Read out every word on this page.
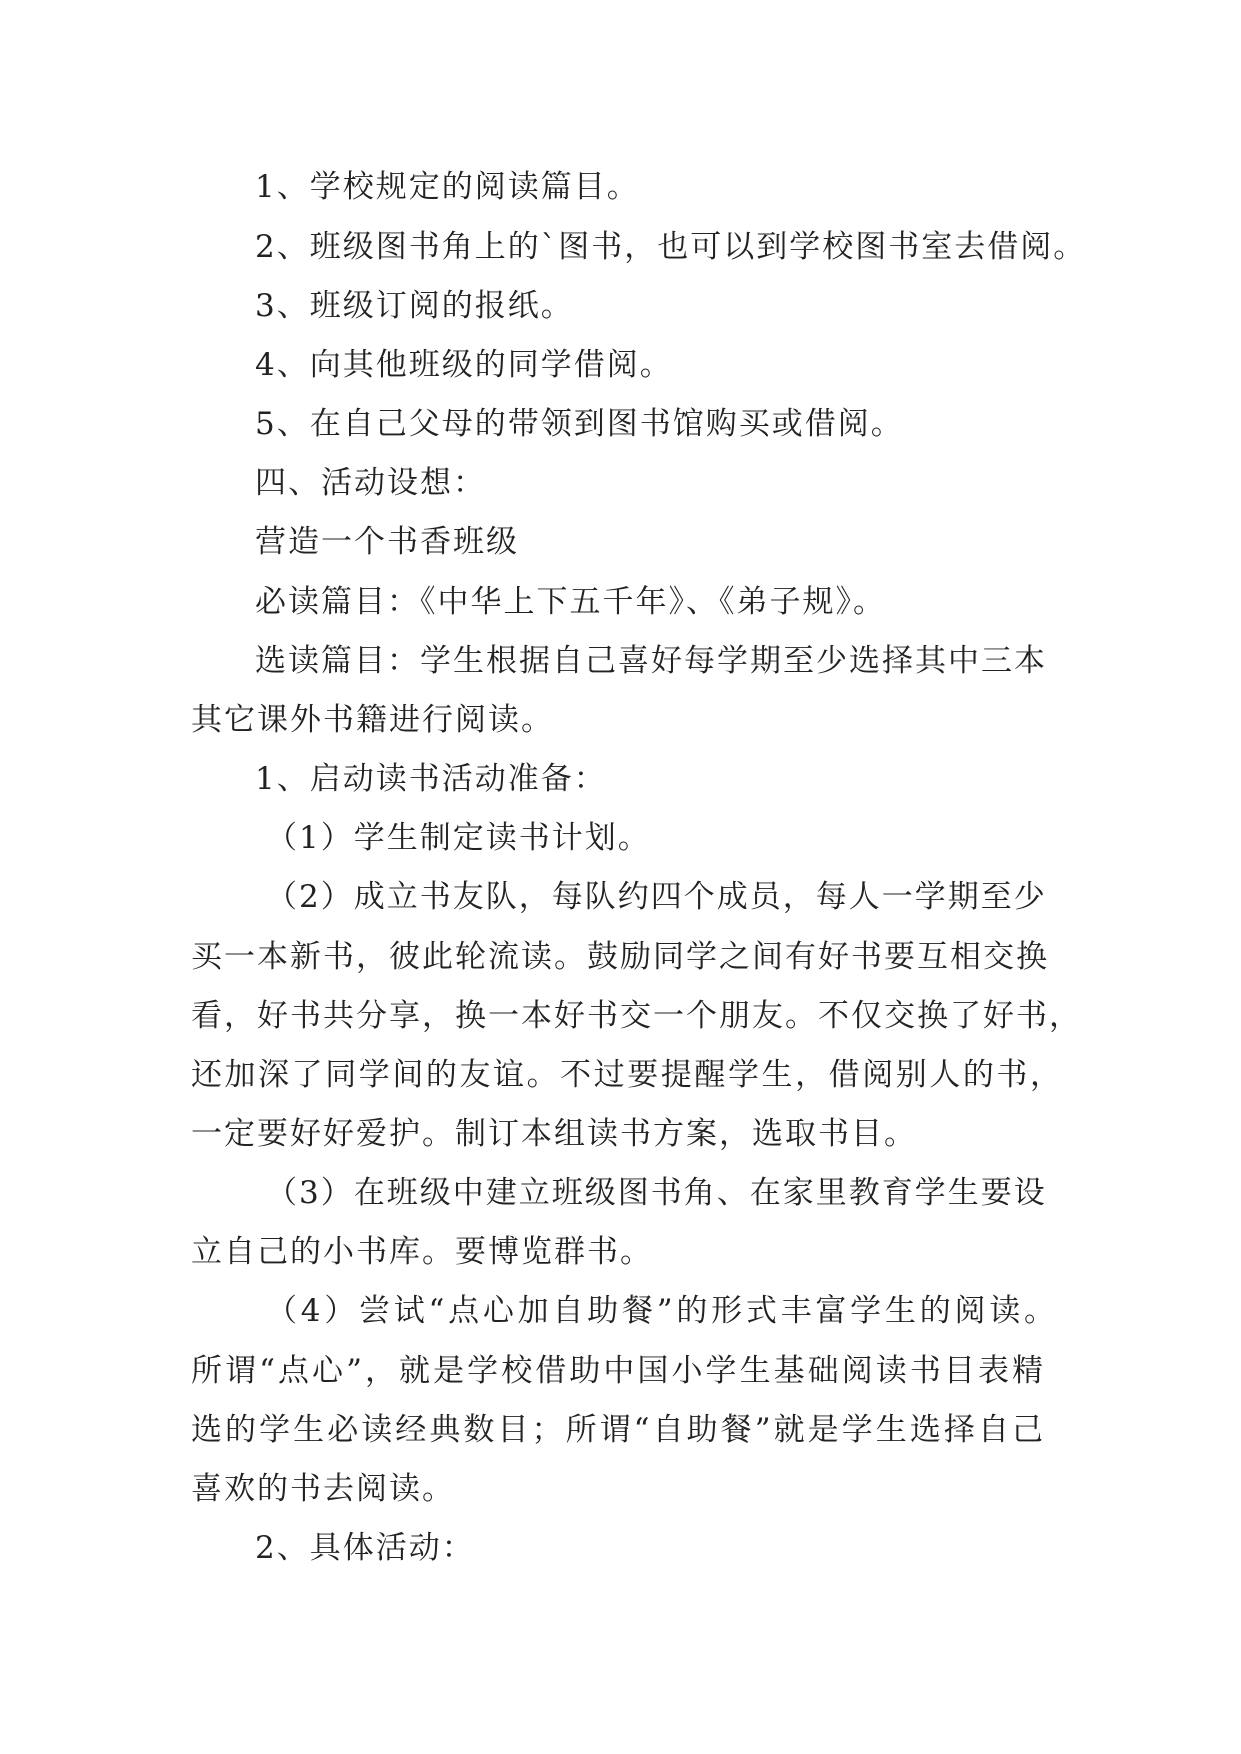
1、学校规定的阅读篇目。
2、班级图书角上的`图书，也可以到学校图书室去借阅。
3、班级订阅的报纸。
4、向其他班级的同学借阅。
5、在自己父母的带领到图书馆购买或借阅。
四、活动设想：
营造一个书香班级
必读篇目：《中华上下五千年》、《弟子规》。
选读篇目：学生根据自己喜好每学期至少选择其中三本
其它课外书籍进行阅读。
1、启动读书活动准备：
（1）学生制定读书计划。
（2）成立书友队，每队约四个成员，每人一学期至少
买一本新书，彼此轮流读。鼓励同学之间有好书要互相交换
看，好书共分享，换一本好书交一个朋友。不仅交换了好书，
还加深了同学间的友谊。不过要提醒学生，借阅别人的书，
一定要好好爱护。制订本组读书方案，选取书目。
（3）在班级中建立班级图书角、在家里教育学生要设
立自己的小书库。要博览群书。
（4）尝试“点心加自助餐”的形式丰富学生的阅读。
所谓“点心”，就是学校借助中国小学生基础阅读书目表精
选的学生必读经典数目；所谓“自助餐”就是学生选择自己
喜欢的书去阅读。
2、具体活动：
